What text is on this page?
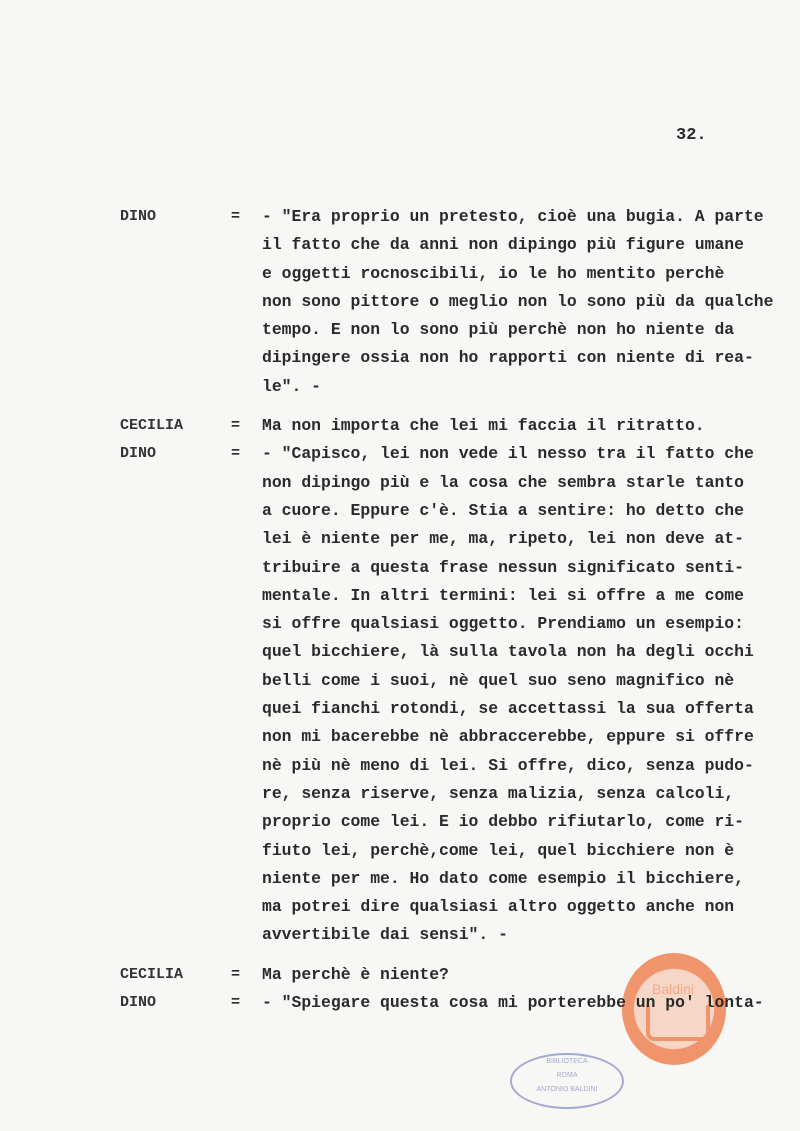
32.
Baldini
DINO	= - "Era proprio un pretesto, cioè una bugia. A parte
il fatto che da anni non dipingo più figure umane
e oggetti rocnoscibili, io le ho mentito perchè
non sono pittore o meglio non lo sono più da qualche
tempo. E non lo sono più perchè non ho niente da
dipingere ossia non ho rapporti con niente di rea-
le". -
CECILIA	= Ma non importa che lei mi faccia il ritratto.
DINO	= - "Capisco, lei non vede il nesso tra il fatto che
non dipingo più e la cosa che sembra starle tanto
a cuore. Eppure c'è. Stia a sentire: ho detto che
lei è niente per me, ma, ripeto, lei non deve at-
tribuire a questa frase nessun significato senti-
mentale. In altri termini: lei si offre a me come
si offre qualsiasi oggetto. Prendiamo un esempio:
quel bicchiere, là sulla tavola non ha degli occhi
belli come i suoi, nè quel suo seno magnifico nè
quei fianchi rotondi, se accettassi la sua offerta
non mi bacerebbe nè abbraccerebbe, eppure si offre
nè più nè meno di lei. Si offre, dico, senza pudo-
re, senza riserve, senza malizia, senza calcoli,
proprio come lei. E io debbo rifiutarlo, come ri-
fiuto lei, perchè,come lei, quel bicchiere non è
niente per me. Ho dato come esempio il bicchiere,
ma potrei dire qualsiasi altro oggetto anche non
avvertibile dai sensi". -
CECILIA	= Ma perchè è niente?
DINO	= - "Spiegare questa cosa mi porterebbe un po' lonta-
BIBLIOTECA
ROMA
ANTONIO BALDINI
